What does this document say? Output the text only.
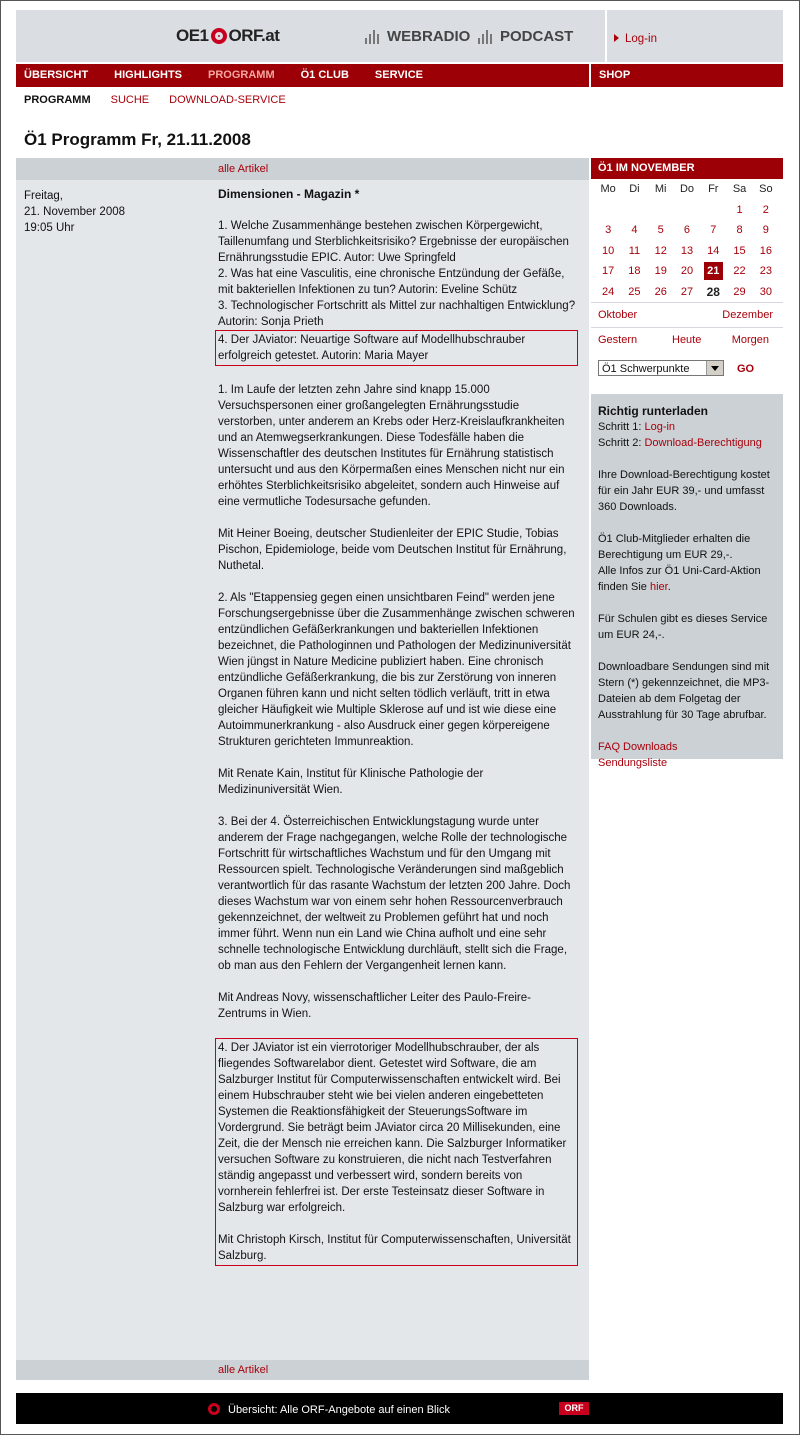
OE1 ORF.at	WEBRADIO PODCAST	Log-in
ÜBERSICHT	HIGHLIGHTS	PROGRAMM	Ö1 CLUB	SERVICE	SHOP
PROGRAMM SUCHE DOWNLOAD-SERVICE
Ö1 Programm Fr, 21.11.2008
alle Artikel
Freitag,
21. November 2008
19:05 Uhr
Dimensionen - Magazin *

1. Welche Zusammenhänge bestehen zwischen Körpergewicht, Taillenumfang und Sterblichkeitsrisiko? Ergebnisse der europäischen Ernährungsstudie EPIC. Autor: Uwe Springfeld
2. Was hat eine Vasculitis, eine chronische Entzündung der Gefäße, mit bakteriellen Infektionen zu tun? Autorin: Eveline Schütz
3. Technologischer Fortschritt als Mittel zur nachhaltigen Entwicklung? Autorin: Sonja Prieth

4. Der JAviator: Neuartige Software auf Modellhubschrauber erfolgreich getestet. Autorin: Maria Mayer

1. Im Laufe der letzten zehn Jahre sind knapp 15.000 Versuchspersonen einer großangelegten Ernährungsstudie verstorben, unter anderem an Krebs oder Herz-Kreislaufkrankheiten und an Atemwegserkrankungen. Diese Todesfälle haben die Wissenschaftler des deutschen Institutes für Ernährung statistisch untersucht und aus den Körpermaßen eines Menschen nicht nur ein erhöhtes Sterblichkeitsrisiko abgeleitet, sondern auch Hinweise auf eine vermutliche Todesursache gefunden.

Mit Heiner Boeing, deutscher Studienleiter der EPIC Studie, Tobias Pischon, Epidemiologe, beide vom Deutschen Institut für Ernährung, Nuthetal.

2. Als "Etappensieg gegen einen unsichtbaren Feind" werden jene Forschungsergebnisse über die Zusammenhänge zwischen schweren entzündlichen Gefäßerkrankungen und bakteriellen Infektionen bezeichnet, die Pathologinnen und Pathologen der Medizinuniversität Wien jüngst in Nature Medicine publiziert haben. Eine chronisch entzündliche Gefäßerkrankung, die bis zur Zerstörung von inneren Organen führen kann und nicht selten tödlich verläuft, tritt in etwa gleicher Häufigkeit wie Multiple Sklerose auf und ist wie diese eine Autoimmunerkrankung - also Ausdruck einer gegen körpereigene Strukturen gerichteten Immunreaktion.

Mit Renate Kain, Institut für Klinische Pathologie der Medizinuniversität Wien.

3. Bei der 4. Österreichischen Entwicklungstagung wurde unter anderem der Frage nachgegangen, welche Rolle der technologische Fortschritt für wirtschaftliches Wachstum und für den Umgang mit Ressourcen spielt. Technologische Veränderungen sind maßgeblich verantwortlich für das rasante Wachstum der letzten 200 Jahre. Doch dieses Wachstum war von einem sehr hohen Ressourcenverbrauch gekennzeichnet, der weltweit zu Problemen geführt hat und noch immer führt. Wenn nun ein Land wie China aufholt und eine sehr schnelle technologische Entwicklung durchläuft, stellt sich die Frage, ob man aus den Fehlern der Vergangenheit lernen kann.

Mit Andreas Novy, wissenschaftlicher Leiter des Paulo-Freire-Zentrums in Wien.

4. Der JAviator ist ein vierrotoriger Modellhubschrauber, der als fliegendes Softwarelabor dient. Getestet wird Software, die am Salzburger Institut für Computerwissenschaften entwickelt wird. Bei einem Hubschrauber steht wie bei vielen anderen eingebetteten Systemen die Reaktionsfähigkeit der SteuerungsSoftware im Vordergrund. Sie beträgt beim JAviator circa 20 Millisekunden, eine Zeit, die der Mensch nie erreichen kann. Die Salzburger Informatiker versuchen Software zu konstruieren, die nicht nach Testverfahren ständig angepasst und verbessert wird, sondern bereits von vornherein fehlerfrei ist. Der erste Testeinsatz dieser Software in Salzburg war erfolgreich.

Mit Christoph Kirsch, Institut für Computerwissenschaften, Universität Salzburg.

alle Artikel
Ö1 IM NOVEMBER
Mo	Di	Mi	Do	Fr	Sa	So
					1	2
3	4	5	6	7	8	9
10	11	12	13	14	15	16
17	18	19	20	21	22	23
24	25	26	27	28	29	30
Oktober	Dezember
Gestern	Heute	Morgen
Ö1 Schwerpunkte	GO
Richtig runterladen
Schritt 1: Log-in
Schritt 2: Download-Berechtigung

Ihre Download-Berechtigung kostet für ein Jahr EUR 39,- und umfasst 360 Downloads.

Ö1 Club-Mitglieder erhalten die Berechtigung um EUR 29,-.
Alle Infos zur Ö1 Uni-Card-Aktion finden Sie hier.

Für Schulen gibt es dieses Service um EUR 24,-.

Downloadbare Sendungen sind mit Stern (*) gekennzeichnet, die MP3-Dateien ab dem Folgetag der Ausstrahlung für 30 Tage abrufbar.

FAQ Downloads
Sendungsliste
Übersicht: Alle ORF-Angebote auf einen Blick	ORF
